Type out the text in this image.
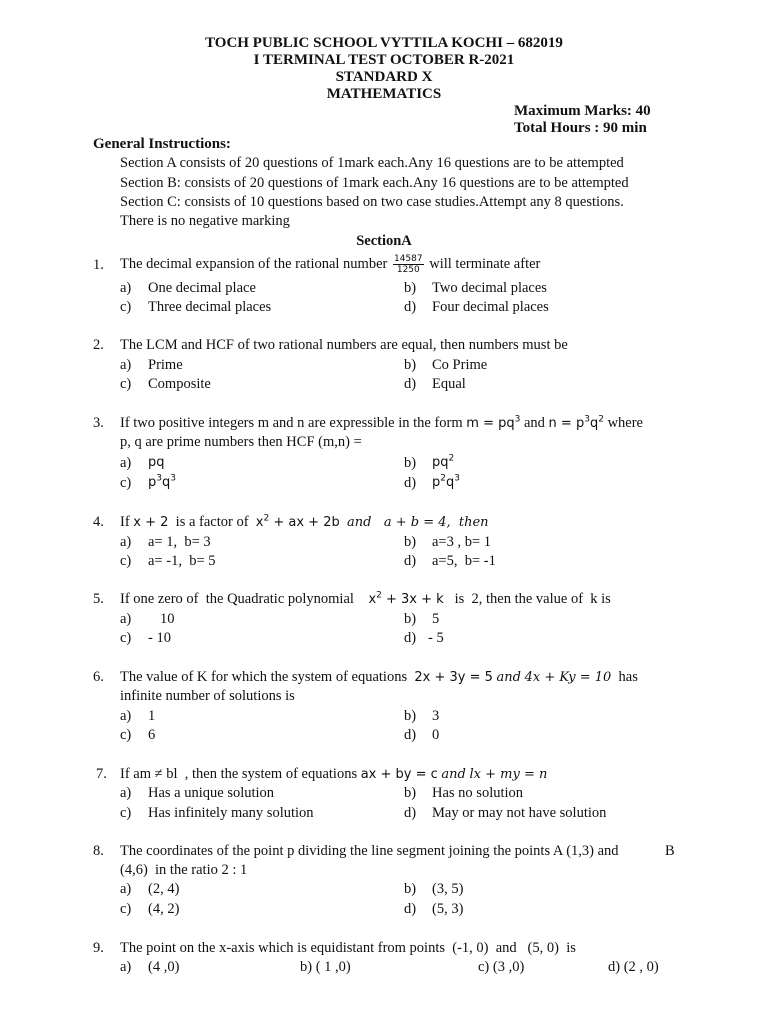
TOCH PUBLIC SCHOOL VYTTILA KOCHI – 682019
I TERMINAL TEST OCTOBER R-2021
STANDARD X
MATHEMATICS
Maximum Marks: 40
Total Hours : 90 min
General Instructions:
Section A consists of 20 questions of 1mark each.Any 16 questions are to be attempted
Section B: consists of 20 questions of 1mark each.Any 16 questions are to be attempted
Section C: consists of 10 questions based on two case studies.Attempt any 8 questions.
There is no negative marking
SectionA
1. The decimal expansion of the rational number $\frac{14587}{1250}$ will terminate after
a) One decimal place	b) Two decimal places
c) Three decimal places	d) Four decimal places
2. The LCM and HCF of two rational numbers are equal, then numbers must be
a) Prime	b) Co Prime
c) Composite	d) Equal
3. If two positive integers m and n are expressible in the form $m = pq^3$ and $n = p^3q^2$ where
p, q are prime numbers then HCF (m,n) =
a) pq	b) $pq^2$
c) $p^3q^3$	d) $p^2q^3$
4. If x + 2 is a factor of $x^2$ + ax + 2b and   a + b = 4,  then
a) a= 1,  b= 3	b) a=3 , b= 1
c) a= -1,  b= 5	d) a=5,  b= -1
5. If one zero of  the Quadratic polynomial $x^2 + 3x + k$ is  2, then the value of  k is
a) 10	b) 5
c) - 10	d) - 5
6. The value of K for which the system of equations 2x + 3y = 5 and 4x + Ky = 10 has
infinite number of solutions is
a) 1	b) 3
c) 6	d) 0
7. If am ≠ bl  , then the system of equations ax + by = c and lx + my = n
a) Has a unique solution	b) Has no solution
c) Has infinitely many solution	d) May or may not have solution
8. The coordinates of the point p dividing the line segment joining the points A (1,3) and	B
(4,6)  in the ratio 2 : 1
a) (2, 4)	b) (3, 5)
c) (4, 2)	d) (5, 3)
9. The point on the x-axis which is equidistant from points  (-1, 0)  and   (5, 0)  is
a) (4 ,0)	b) ( 1 ,0)	c) (3 ,0)	d) (2 , 0)
